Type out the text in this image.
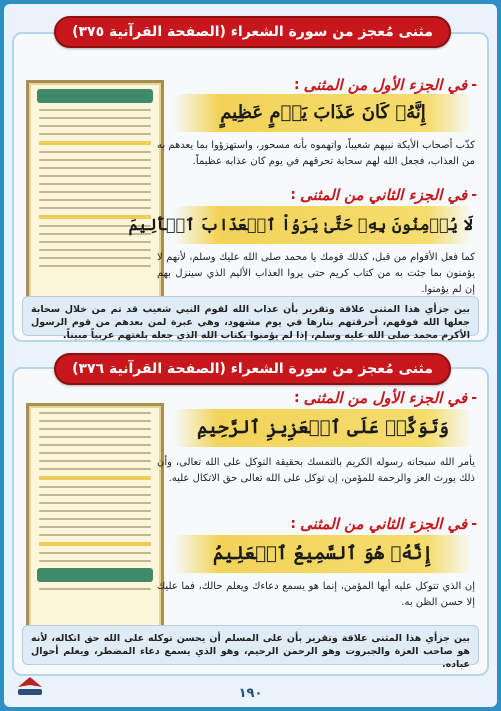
-
في الجزء الأول من المثنى
:
إِنَّهُۥ كَانَ عَذَابَ يَوۡمٍ عَظِيمٍ
كذّب أصحاب الأيكة نبيهم شعيباً، واتهموه بأنه مسحور، واستهزؤوا بما يعدهم به من العذاب، فجعل الله لهم سحابة تحرقهم في يوم كان عذابه عظيماً.
-
في الجزء الثاني من المثنى
:
لَا يُؤۡمِنُونَ بِهِۦ حَتَّىٰ يَرَوُاْ ٱلۡعَذَابَ ٱلۡأَلِيمَ
كما فعل الأقوام من قبل، كذلك قومك يا محمد صلى الله عليك وسلم، لأنهم لا يؤمنون بما جئت به من كتاب كريم حتى يروا العذاب الأليم الذي سينزل بهم إن لم يؤمنوا.
بين جزأي هذا المثنى علاقة وتقرير بأن عذاب الله لقوم النبي شعيب قد تم من خلال سحابة جعلها الله فوقهم، أحرقتهم بنارها في يوم مشهود، وهي عبرة لمن بعدهم من قوم الرسول الأكرم محمد صلى الله عليه وسلم، إذا لم يؤمنوا بكتاب الله الذي جعله بلغتهم عربياً مبيناً.
مثنى مُعجز من سورة الشعراء (الصفحة القرآنية ٣٧٥)
-
في الجزء الأول من المثنى
:
وَتَوَكَّلۡ عَلَى ٱلۡعَزِيزِ ٱلرَّحِيمِ
يأمر الله سبحانه رسوله الكريم بالتمسك بحقيقة التوكل على الله تعالى، وأن ذلك يورث العز والرحمة للمؤمن، إن توكل على الله تعالى حق الاتكال عليه.
-
في الجزء الثاني من المثنى
:
إِنَّهُۥ هُوَ ٱلسَّمِيعُ ٱلۡعَلِيمُ
إن الذي تتوكل عليه أيها المؤمن، إنما هو يسمع دعاءك ويعلم حالك، فما عليك إلا حسن الظن به.
بين جزأي هذا المثنى علاقة وتقرير بأن على المسلم أن يحسن توكله على الله حق اتكاله، لأنه هو صاحب العزة والجبروت وهو الرحمن الرحيم، وهو الذي يسمع دعاء المضطر، ويعلم أحوال عباده.
مثنى مُعجز من سورة الشعراء (الصفحة القرآنية ٣٧٦)
١٩٠
